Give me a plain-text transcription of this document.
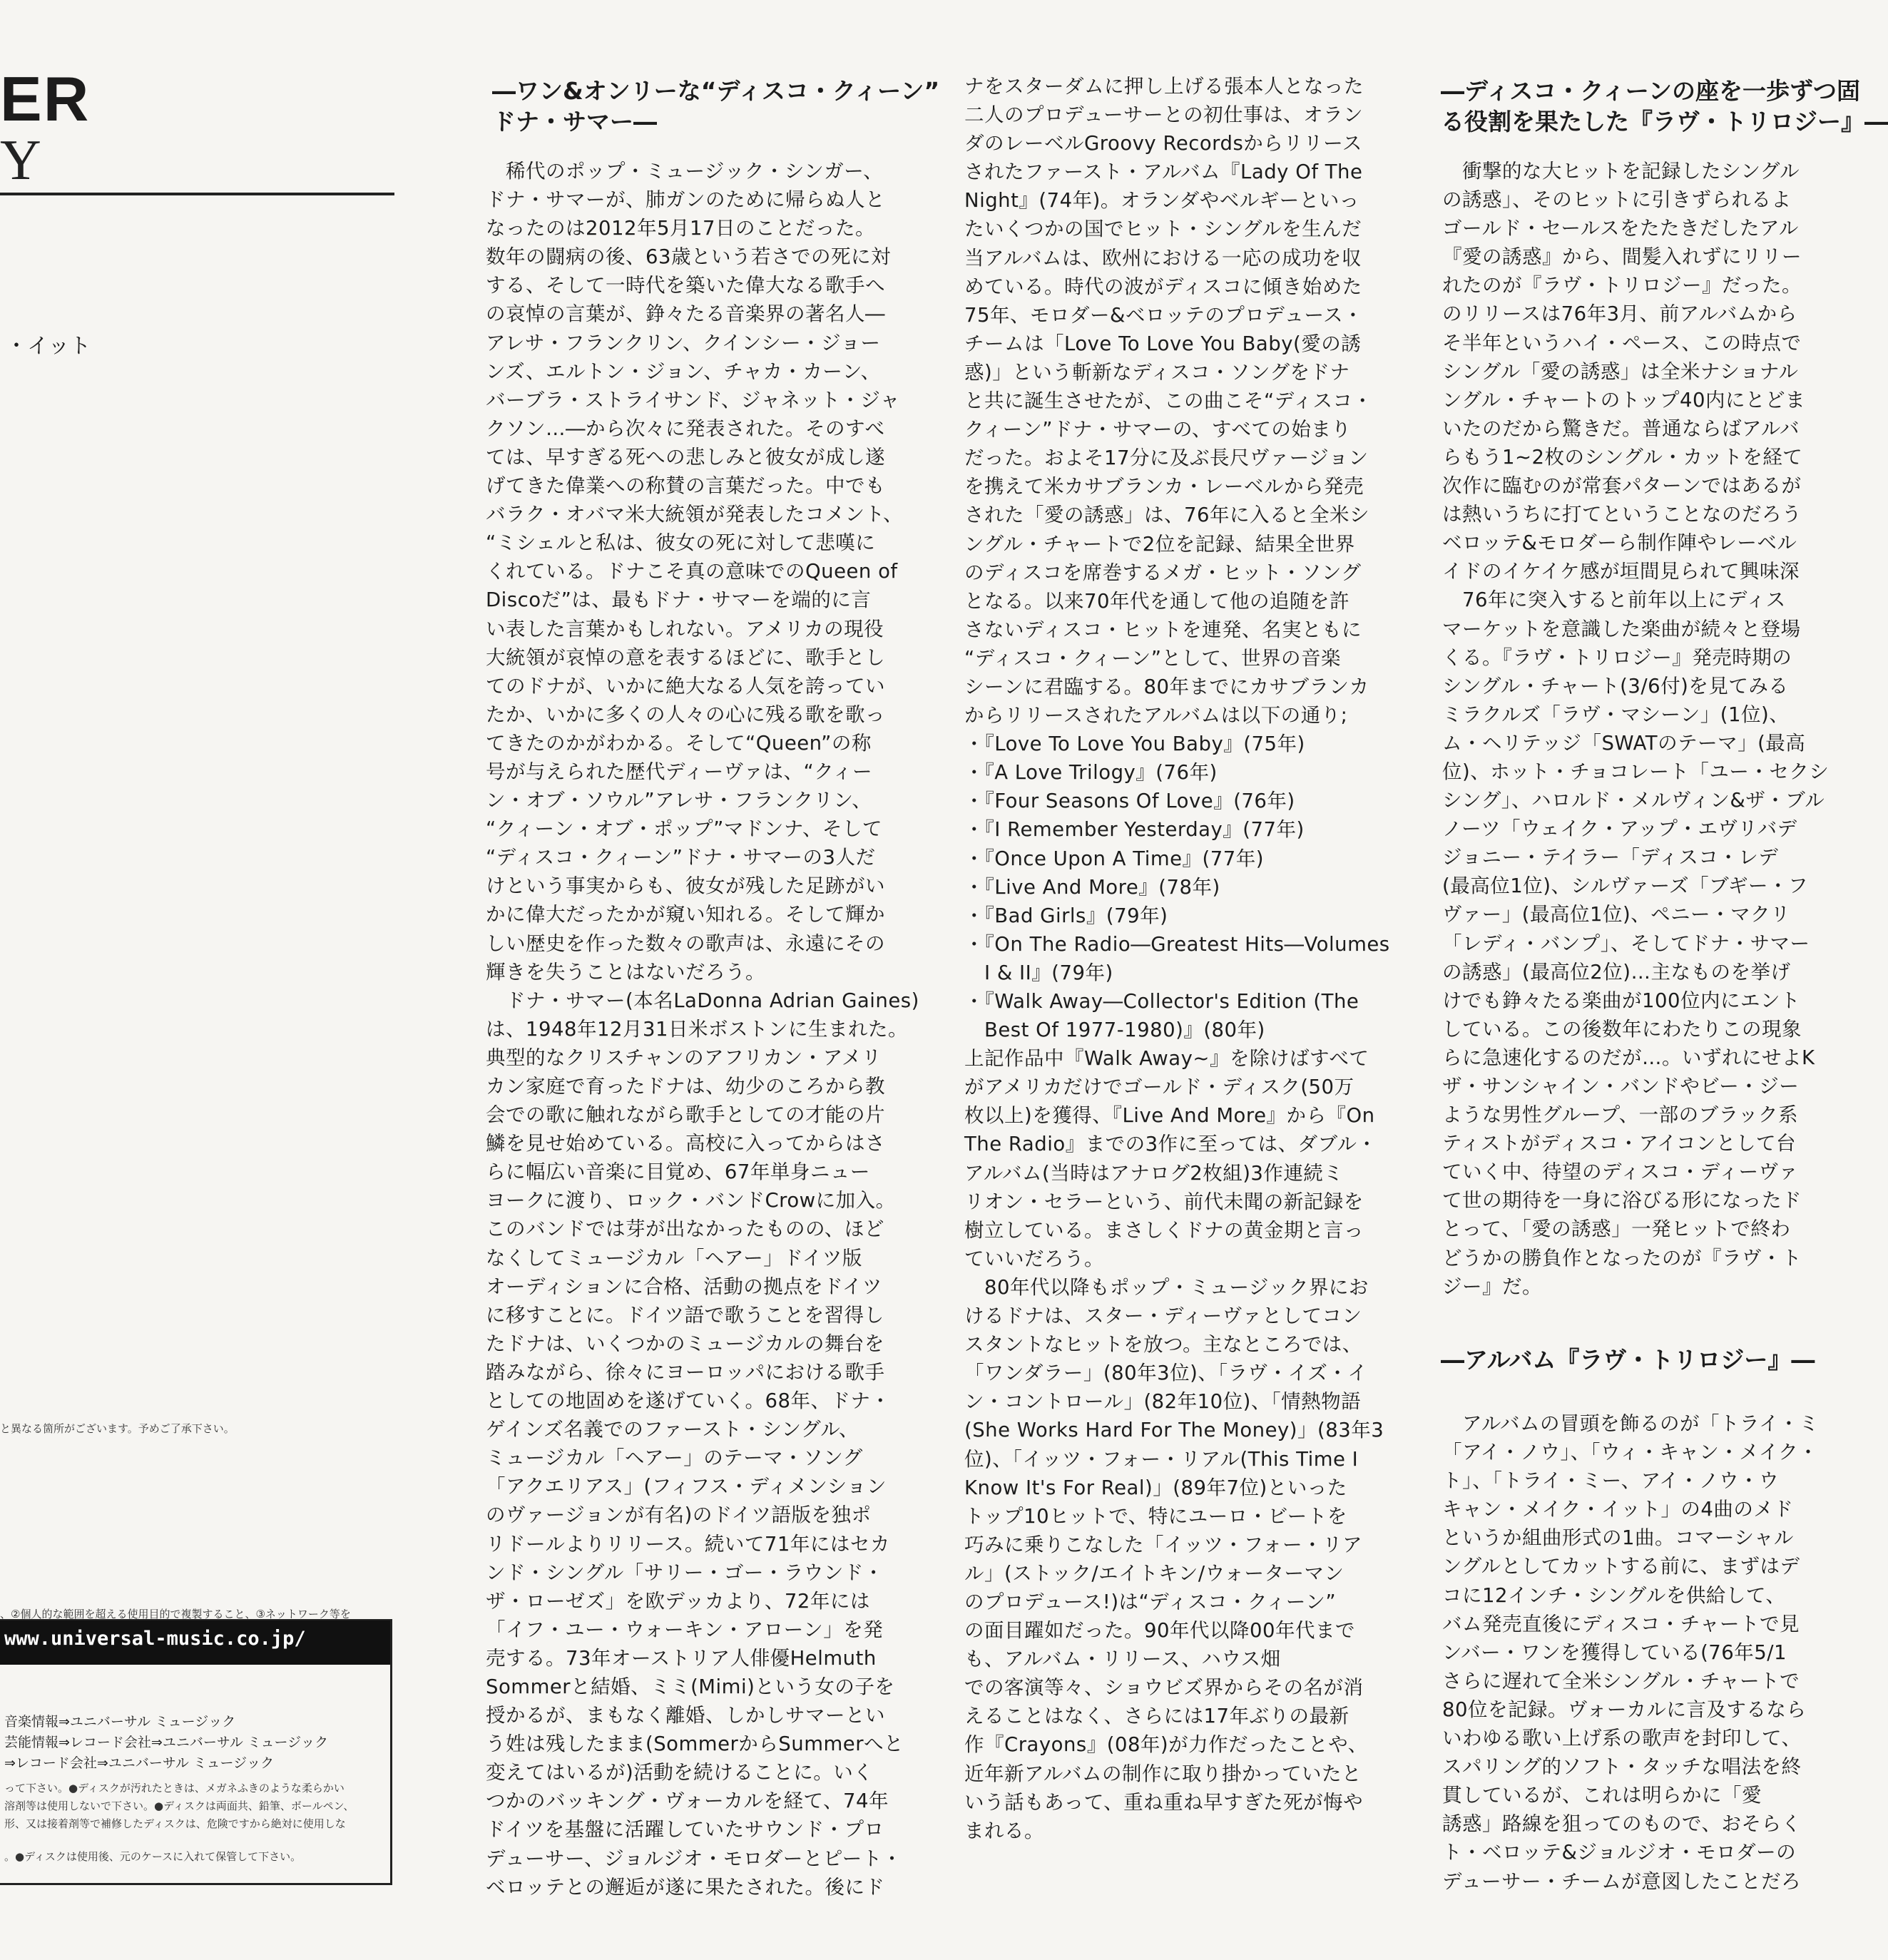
ER
Y
・イット
と異なる箇所がございます。予めご了承下さい。
、②個人的な範囲を超える使用目的で複製すること、③ネットワーク等を
www.universal-music.co.jp/
音楽情報⇒ユニバーサル ミュージック
芸能情報⇒レコード会社⇒ユニバーサル ミュージック
⇒レコード会社⇒ユニバーサル ミュージック
って下さい。●ディスクが汚れたときは、メガネふきのような柔らかい
溶剤等は使用しないで下さい。●ディスクは両面共、鉛筆、ボールペン、
形、又は接着剤等で補修したディスクは、危険ですから絶対に使用しな
。●ディスクは使用後、元のケースに入れて保管して下さい。
―ワン&オンリーな“ディスコ・クィーン”
ドナ・サマー―
　稀代のポップ・ミュージック・シンガー、
ドナ・サマーが、肺ガンのために帰らぬ人と
なったのは2012年5月17日のことだった。
数年の闘病の後、63歳という若さでの死に対
する、そして一時代を築いた偉大なる歌手へ
の哀悼の言葉が、錚々たる音楽界の著名人―
アレサ・フランクリン、クインシー・ジョー
ンズ、エルトン・ジョン、チャカ・カーン、
バーブラ・ストライサンド、ジャネット・ジャ
クソン…―から次々に発表された。そのすべ
ては、早すぎる死への悲しみと彼女が成し遂
げてきた偉業への称賛の言葉だった。中でも
バラク・オバマ米大統領が発表したコメント、
“ミシェルと私は、彼女の死に対して悲嘆に
くれている。ドナこそ真の意味でのQueen of
Discoだ”は、最もドナ・サマーを端的に言
い表した言葉かもしれない。アメリカの現役
大統領が哀悼の意を表するほどに、歌手とし
てのドナが、いかに絶大なる人気を誇ってい
たか、いかに多くの人々の心に残る歌を歌っ
てきたのかがわかる。そして“Queen”の称
号が与えられた歴代ディーヴァは、“クィー
ン・オブ・ソウル”アレサ・フランクリン、
“クィーン・オブ・ポップ”マドンナ、そして
“ディスコ・クィーン”ドナ・サマーの3人だ
けという事実からも、彼女が残した足跡がい
かに偉大だったかが窺い知れる。そして輝か
しい歴史を作った数々の歌声は、永遠にその
輝きを失うことはないだろう。
　ドナ・サマー(本名LaDonna Adrian Gaines)
は、1948年12月31日米ボストンに生まれた。
典型的なクリスチャンのアフリカン・アメリ
カン家庭で育ったドナは、幼少のころから教
会での歌に触れながら歌手としての才能の片
鱗を見せ始めている。高校に入ってからはさ
らに幅広い音楽に目覚め、67年単身ニュー
ヨークに渡り、ロック・バンドCrowに加入。
このバンドでは芽が出なかったものの、ほど
なくしてミュージカル「ヘアー」ドイツ版
オーディションに合格、活動の拠点をドイツ
に移すことに。ドイツ語で歌うことを習得し
たドナは、いくつかのミュージカルの舞台を
踏みながら、徐々にヨーロッパにおける歌手
としての地固めを遂げていく。68年、ドナ・
ゲインズ名義でのファースト・シングル、
ミュージカル「ヘアー」のテーマ・ソング
「アクエリアス」(フィフス・ディメンション
のヴァージョンが有名)のドイツ語版を独ポ
リドールよりリリース。続いて71年にはセカ
ンド・シングル「サリー・ゴー・ラウンド・
ザ・ローゼズ」を欧デッカより、72年には
「イフ・ユー・ウォーキン・アローン」を発
売する。73年オーストリア人俳優Helmuth
Sommerと結婚、ミミ(Mimi)という女の子を
授かるが、まもなく離婚、しかしサマーとい
う姓は残したまま(SommerからSummerへと
変えてはいるが)活動を続けることに。いく
つかのバッキング・ヴォーカルを経て、74年
ドイツを基盤に活躍していたサウンド・プロ
デューサー、ジョルジオ・モロダーとピート・
ベロッテとの邂逅が遂に果たされた。後にド
ナをスターダムに押し上げる張本人となった
二人のプロデューサーとの初仕事は、オラン
ダのレーベルGroovy Recordsからリリース
されたファースト・アルバム『Lady Of The
Night』(74年)。オランダやベルギーといっ
たいくつかの国でヒット・シングルを生んだ
当アルバムは、欧州における一応の成功を収
めている。時代の波がディスコに傾き始めた
75年、モロダー&ベロッテのプロデュース・
チームは「Love To Love You Baby(愛の誘
惑)」という斬新なディスコ・ソングをドナ
と共に誕生させたが、この曲こそ“ディスコ・
クィーン”ドナ・サマーの、すべての始まり
だった。およそ17分に及ぶ長尺ヴァージョン
を携えて米カサブランカ・レーベルから発売
された「愛の誘惑」は、76年に入ると全米シ
ングル・チャートで2位を記録、結果全世界
のディスコを席巻するメガ・ヒット・ソング
となる。以来70年代を通して他の追随を許
さないディスコ・ヒットを連発、名実ともに
“ディスコ・クィーン”として、世界の音楽
シーンに君臨する。80年までにカサブランカ
からリリースされたアルバムは以下の通り;
・『Love To Love You Baby』(75年)
・『A Love Trilogy』(76年)
・『Four Seasons Of Love』(76年)
・『I Remember Yesterday』(77年)
・『Once Upon A Time』(77年)
・『Live And More』(78年)
・『Bad Girls』(79年)
・『On The Radio―Greatest Hits―Volumes
　I & II』(79年)
・『Walk Away―Collector's Edition (The
　Best Of 1977-1980)』(80年)
上記作品中『Walk Away~』を除けばすべて
がアメリカだけでゴールド・ディスク(50万
枚以上)を獲得、『Live And More』から『On
The Radio』までの3作に至っては、ダブル・
アルバム(当時はアナログ2枚組)3作連続ミ
リオン・セラーという、前代未聞の新記録を
樹立している。まさしくドナの黄金期と言っ
ていいだろう。
　80年代以降もポップ・ミュージック界にお
けるドナは、スター・ディーヴァとしてコン
スタントなヒットを放つ。主なところでは、
「ワンダラー」(80年3位)、「ラヴ・イズ・イ
ン・コントロール」(82年10位)、「情熱物語
(She Works Hard For The Money)」(83年3
位)、「イッツ・フォー・リアル(This Time I
Know It's For Real)」(89年7位)といった
トップ10ヒットで、特にユーロ・ビートを
巧みに乗りこなした「イッツ・フォー・リア
ル」(ストック/エイトキン/ウォーターマン
のプロデュース!)は“ディスコ・クィーン”
の面目躍如だった。90年代以降00年代まで
も、アルバム・リリース、ハウス畑
での客演等々、ショウビズ界からその名が消
えることはなく、さらには17年ぶりの最新
作『Crayons』(08年)が力作だったことや、
近年新アルバムの制作に取り掛かっていたと
いう話もあって、重ね重ね早すぎた死が悔や
まれる。
―ディスコ・クィーンの座を一歩ずつ固
る役割を果たした『ラヴ・トリロジー』―
　衝撃的な大ヒットを記録したシングル
の誘惑」、そのヒットに引きずられるよ
ゴールド・セールスをたたきだしたアル
『愛の誘惑』から、間髪入れずにリリー
れたのが『ラヴ・トリロジー』だった。
のリリースは76年3月、前アルバムから
そ半年というハイ・ペース、この時点で
シングル「愛の誘惑」は全米ナショナル
ングル・チャートのトップ40内にとどま
いたのだから驚きだ。普通ならばアルバ
らもう1~2枚のシングル・カットを経て
次作に臨むのが常套パターンではあるが
は熱いうちに打てということなのだろう
ベロッテ&モロダーら制作陣やレーベル
イドのイケイケ感が垣間見られて興味深
　76年に突入すると前年以上にディス
マーケットを意識した楽曲が続々と登場
くる。『ラヴ・トリロジー』発売時期の
シングル・チャート(3/6付)を見てみる
ミラクルズ「ラヴ・マシーン」(1位)、
ム・ヘリテッジ「SWATのテーマ」(最高
位)、ホット・チョコレート「ユー・セクシ
シング」、ハロルド・メルヴィン&ザ・ブル
ノーツ「ウェイク・アップ・エヴリバデ
ジョニー・テイラー「ディスコ・レデ
(最高位1位)、シルヴァーズ「ブギー・フ
ヴァー」(最高位1位)、ペニー・マクリ
「レディ・バンプ」、そしてドナ・サマー
の誘惑」(最高位2位)…主なものを挙げ
けでも錚々たる楽曲が100位内にエント
している。この後数年にわたりこの現象
らに急速化するのだが…。いずれにせよK
ザ・サンシャイン・バンドやビー・ジー
ような男性グループ、一部のブラック系
ティストがディスコ・アイコンとして台
ていく中、待望のディスコ・ディーヴァ
て世の期待を一身に浴びる形になったド
とって、「愛の誘惑」一発ヒットで終わ
どうかの勝負作となったのが『ラヴ・ト
ジー』だ。
―アルバム『ラヴ・トリロジー』―
　アルバムの冒頭を飾るのが「トライ・ミ
「アイ・ノウ」、「ウィ・キャン・メイク・
ト」、「トライ・ミー、アイ・ノウ・ウ
キャン・メイク・イット」の4曲のメド
というか組曲形式の1曲。コマーシャル
ングルとしてカットする前に、まずはデ
コに12インチ・シングルを供給して、
バム発売直後にディスコ・チャートで見
ンバー・ワンを獲得している(76年5/1
さらに遅れて全米シングル・チャートで
80位を記録。ヴォーカルに言及するなら
いわゆる歌い上げ系の歌声を封印して、
スパリング的ソフト・タッチな唱法を終
貫しているが、これは明らかに「愛
誘惑」路線を狙ってのもので、おそらく
ト・ベロッテ&ジョルジオ・モロダーの
デューサー・チームが意図したことだろ
